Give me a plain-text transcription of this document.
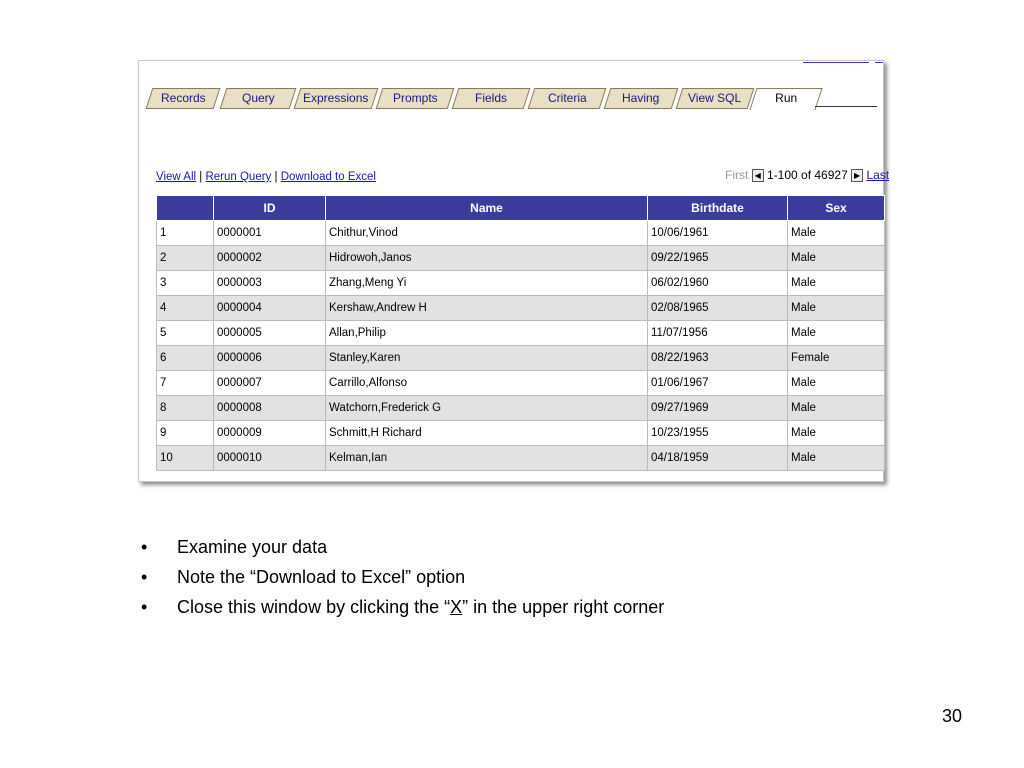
Records	Query	Expressions	Prompts	Fields	Criteria	Having	View SQL	Run
View All | Rerun Query | Download to Excel	First ◀ 1-100 of 46927 ▶ Last
	ID	Name	Birthdate	Sex
1	0000001	Chithur,Vinod	10/06/1961	Male
2	0000002	Hidrowoh,Janos	09/22/1965	Male
3	0000003	Zhang,Meng Yi	06/02/1960	Male
4	0000004	Kershaw,Andrew H	02/08/1965	Male
5	0000005	Allan,Philip	11/07/1956	Male
6	0000006	Stanley,Karen	08/22/1963	Female
7	0000007	Carrillo,Alfonso	01/06/1967	Male
8	0000008	Watchorn,Frederick G	09/27/1969	Male
9	0000009	Schmitt,H Richard	10/23/1955	Male
10	0000010	Kelman,Ian	04/18/1959	Male
• Examine your data
• Note the “Download to Excel” option
• Close this window by clicking the “X” in the upper right corner
30
